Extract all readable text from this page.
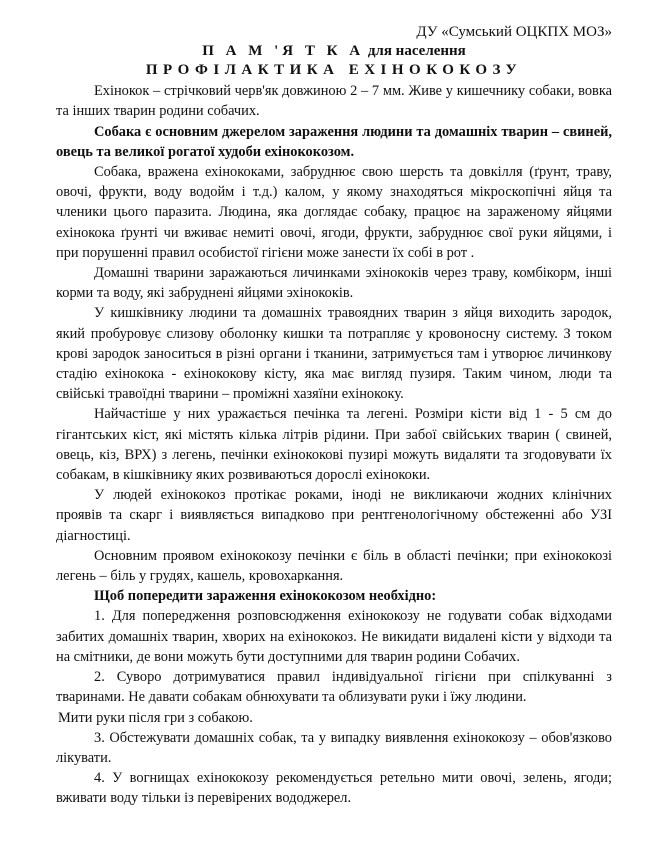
ДУ «Сумський ОЦКПХ МОЗ»
П А М 'Я Т К А для населення
ПРОФІЛАКТИКА ЕХІНОКОКОЗУ

Ехінокок – стрічковий черв'як довжиною 2 – 7 мм. Живе у кишечнику собаки, вовка та інших тварин родини собачих.

Собака є основним джерелом зараження людини та домашніх тварин – свиней, овець та великої рогатої худоби ехінококозом.

Собака, вражена ехінококами, забруднює свою шерсть та довкілля (ґрунт, траву, овочі, фрукти, воду водойм і т.д.) калом, у якому знаходяться мікроскопічні яйця та членики цього паразита. Людина, яка доглядає собаку, працює на зараженому яйцями ехінокока ґрунті чи вживає немиті овочі, ягоди, фрукти, забруднює свої руки яйцями, і при порушенні правил особистої гігієни може занести їх собі в рот .

Домашні тварини заражаються личинками эхінококів через траву, комбікорм, інші корми та воду, які забруднені яйцями эхінококів.

У кишківнику людини та домашніх травоядних тварин з яйця виходить зародок, який пробуровує слизову оболонку кишки та потрапляє у кровоносну систему. З током крові зародок заноситься в різні органи і тканини, затримується там і утворює личинкову стадію ехінокока - ехінококову кісту, яка має вигляд пузиря. Таким чином, люди та свійські травоїдні тварини – проміжні хазяїни ехінококу.

Найчастіше у них уражається печінка та легені. Розміри кісти від 1 - 5 см до гігантських кіст, які містять кілька літрів рідини. При забої свійських тварин ( свиней, овець, кіз, ВРХ) з легень, печінки ехінококові пузирі можуть видаляти та згодовувати їх собакам, в кішківнику яких розвиваються дорослі ехінококи.

У людей ехінококоз протікає роками, іноді не викликаючи жодних клінічних проявів та скарг і виявляється випадково при рентгенологічному обстеженні або УЗІ діагностиці.

Основним проявом ехінококозу печінки є біль в області печінки; при ехінококозі легень – біль у грудях, кашель, кровохаркання.

Щоб попередити зараження ехінококозом необхідно:

1. Для попередження розповсюдження ехінококозу не годувати собак відходами забитих домашніх тварин, хворих на ехінококоз. Не викидати видалені кісти у відходи та на смітники, де вони можуть бути доступними для тварин родини Собачих.

2. Суворо дотримуватися правил індивідуальної гігієни при спілкуванні з тваринами. Не давати собакам обнюхувати та облизувати руки і їжу людини.

Мити руки після гри з собакою.

3. Обстежувати домашніх собак, та у випадку виявлення ехінококозу – обов'язково лікувати.

4. У вогнищах ехінококозу рекомендується ретельно мити овочі, зелень, ягоди; вживати воду тільки із перевірених вододжерел.
